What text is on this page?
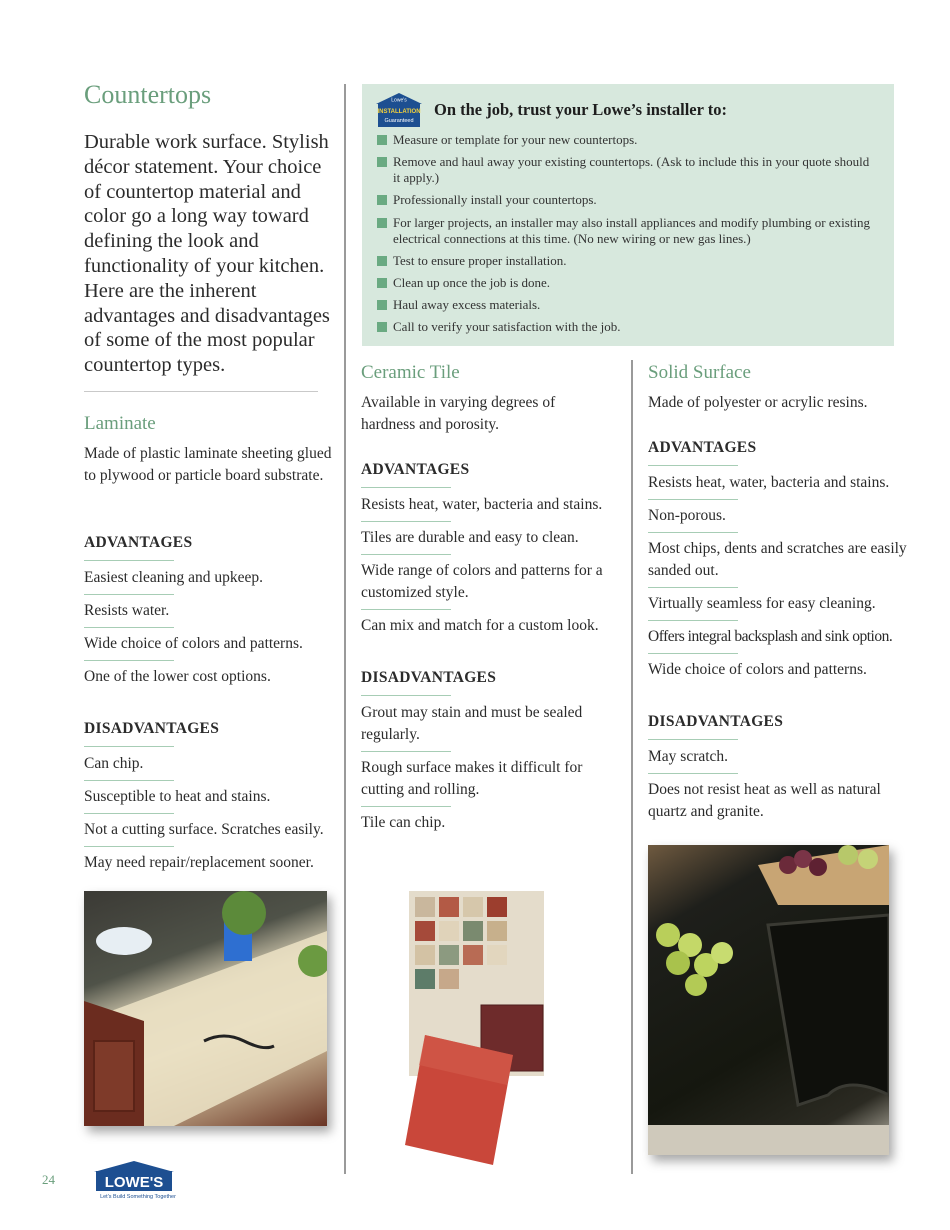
Countertops

Durable work surface. Stylish décor statement. Your choice of countertop material and color go a long way toward defining the look and functionality of your kitchen. Here are the inherent advantages and disadvantages of some of the most popular countertop types.

Laminate

Made of plastic laminate sheeting glued to plywood or particle board substrate.

ADVANTAGES

Easiest cleaning and upkeep.
Resists water.
Wide choice of colors and patterns.
One of the lower cost options.

DISADVANTAGES

Can chip.
Susceptible to heat and stains.
Not a cutting surface. Scratches easily.
May need repair/replacement sooner.
Lowe's
INSTALLATION
Guaranteed

On the job, trust your Lowe’s installer to:

Measure or template for your new countertops.
Remove and haul away your existing countertops. (Ask to include this in your quote should it apply.)
Professionally install your countertops.
For larger projects, an installer may also install appliances and modify plumbing or existing electrical connections at this time. (No new wiring or new gas lines.)
Test to ensure proper installation.
Clean up once the job is done.
Haul away excess materials.
Call to verify your satisfaction with the job.
Ceramic Tile

Available in varying degrees of hardness and porosity.

ADVANTAGES

Resists heat, water, bacteria and stains.
Tiles are durable and easy to clean.
Wide range of colors and patterns for a customized style.
Can mix and match for a custom look.

DISADVANTAGES

Grout may stain and must be sealed regularly.
Rough surface makes it difficult for cutting and rolling.
Tile can chip.
Solid Surface

Made of polyester or acrylic resins.

ADVANTAGES

Resists heat, water, bacteria and stains.
Non-porous.
Most chips, dents and scratches are easily sanded out.
Virtually seamless for easy cleaning.
Offers integral backsplash and sink option.
Wide choice of colors and patterns.

DISADVANTAGES

May scratch.
Does not resist heat as well as natural quartz and granite.
24	LOWE'S
Let's Build Something Together
